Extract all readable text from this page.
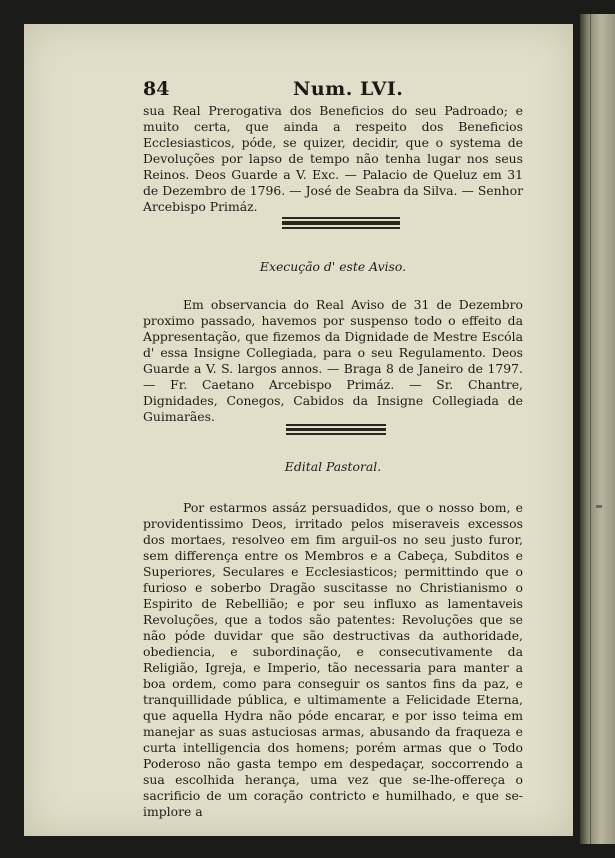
84	Num. LVI.
sua Real Prerogativa dos Beneficios do seu Padroado; e muito certa, que ainda a respeito dos Beneficios Ecclesiasticos, póde, se quizer, decidir, que o systema de Devoluções por lapso de tempo não tenha lugar nos seus Reinos. Deos Guarde a V. Exc. — Palacio de Queluz em 31 de Dezembro de 1796. — José de Seabra da Silva. — Senhor Arcebispo Primáz.
Execução d' este Aviso.
Em observancia do Real Aviso de 31 de Dezembro proximo passado, havemos por suspenso todo o effeito da Appresentação, que fizemos da Dignidade de Mestre Escóla d' essa Insigne Collegiada, para o seu Regulamento. Deos Guarde a V. S. largos annos. — Braga 8 de Janeiro de 1797. — Fr. Caetano Arcebispo Primáz. — Sr. Chantre, Dignidades, Conegos, Cabidos da Insigne Collegiada de Guimarães.
Edital Pastoral.
Por estarmos assáz persuadidos, que o nosso bom, e providentissimo Deos, irritado pelos miseraveis excessos dos mortaes, resolveo em fim arguil-os no seu justo furor, sem differença entre os Membros e a Cabeça, Subditos e Superiores, Seculares e Ecclesiasticos; permittindo que o furioso e soberbo Dragão suscitasse no Christianismo o Espirito de Rebellião; e por seu influxo as lamentaveis Revoluções, que a todos são patentes: Revoluções que se não póde duvidar que são destructivas da authoridade, obediencia, e subordinação, e consecutivamente da Religião, Igreja, e Imperio, tão necessaria para manter a boa ordem, como para conseguir os santos fins da paz, e tranquillidade pública, e ultimamente a Felicidade Eterna, que aquella Hydra não póde encarar, e por isso teima em manejar as suas astuciosas armas, abusando da fraqueza e curta intelligencia dos homens; porém armas que o Todo Poderoso não gasta tempo em despedaçar, soccorrendo a sua escolhida herança, uma vez que se-lhe-offereça o sacrificio de um coração contricto e humilhado, e que se-implore a
